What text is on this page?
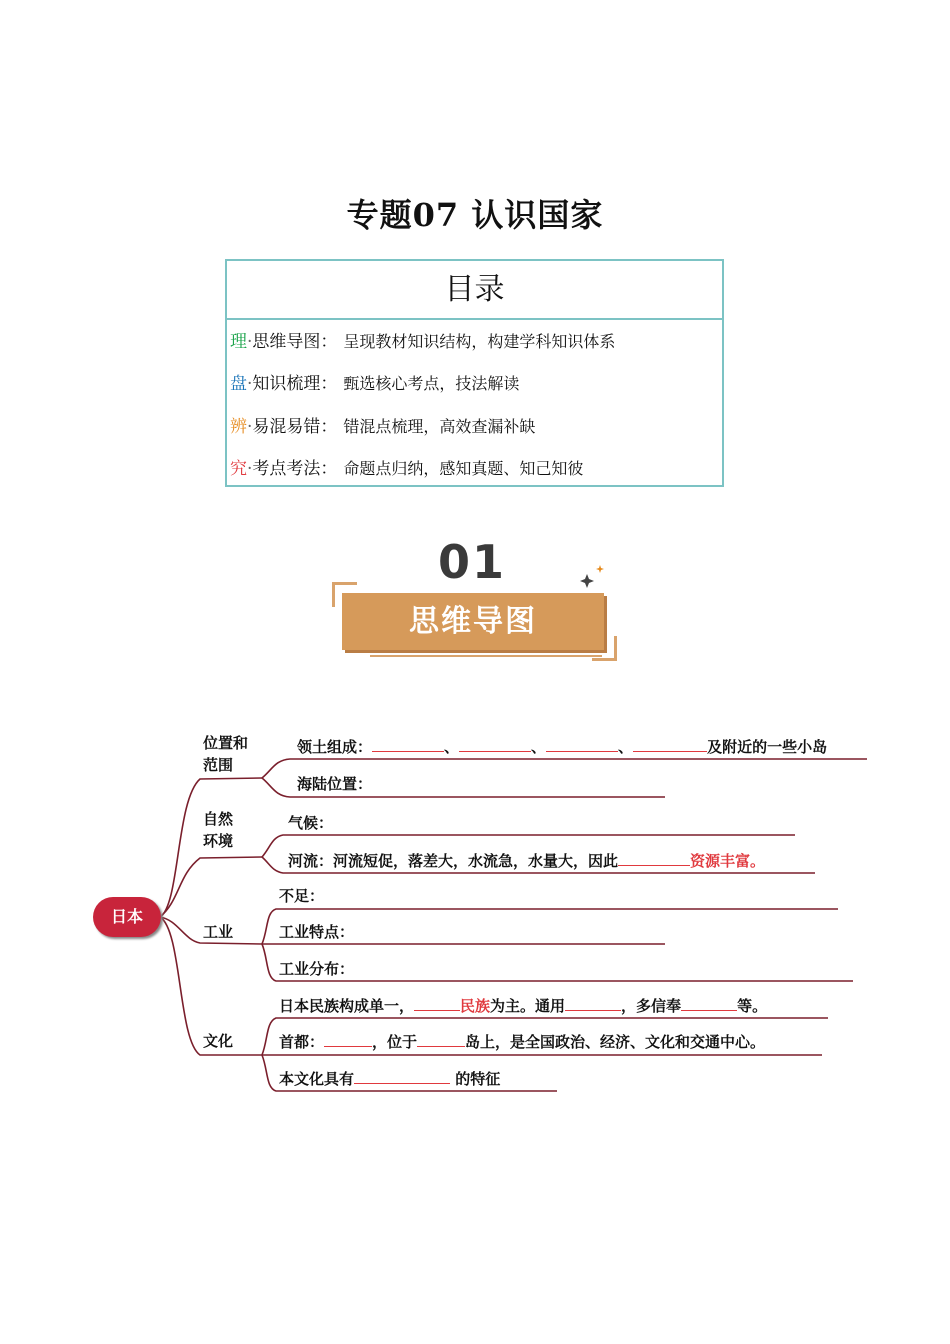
专题07 认识国家
目录
理·思维导图： 呈现教材知识结构，构建学科知识体系
盘·知识梳理： 甄选核心考点，技法解读
辨·易混易错： 错混点梳理，高效查漏补缺
究·考点考法： 命题点归纳，感知真题、知己知彼
01
思维导图
日本
位置和
范围
自然
环境
工业
文化
领土组成：	、	、	、	及附近的一些小岛
海陆位置：
气候：
河流：河流短促，落差大，水流急，水量大，因此	资源丰富。
不足：
工业特点：
工业分布：
日本民族构成单一，	民族为主。通用	，多信奉	等。
首都：	，位于	岛上，是全国政治、经济、文化和交通中心。
本文化具有	的特征
